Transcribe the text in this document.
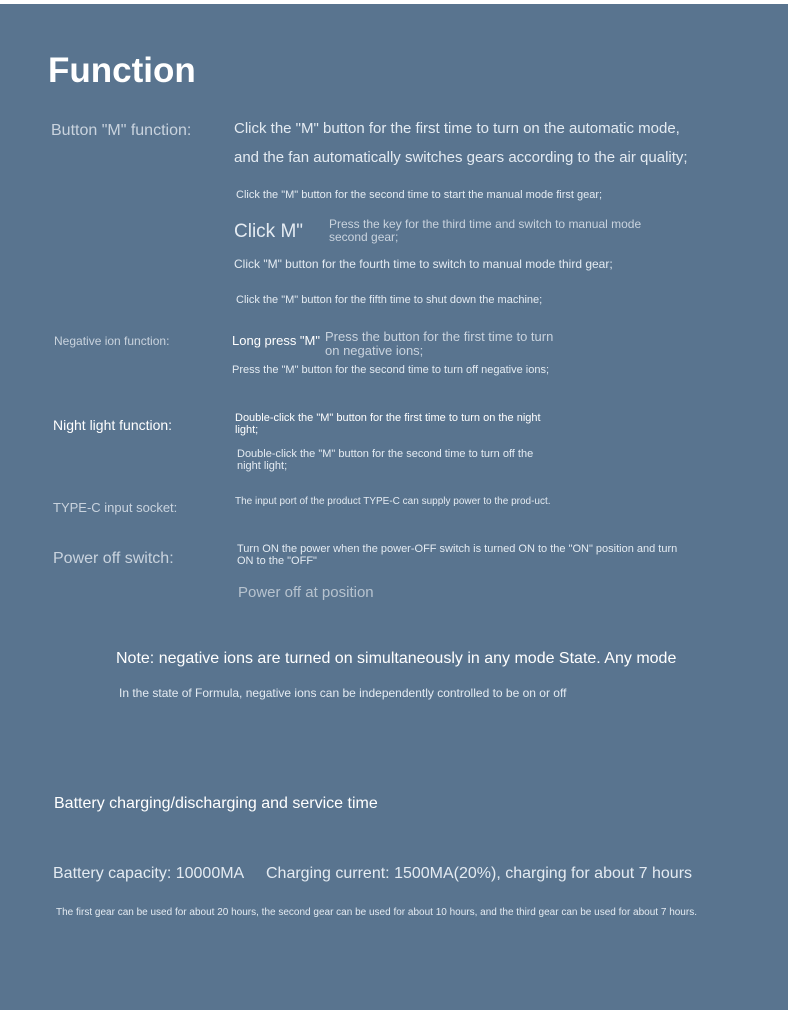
Function
Button "M" function:	Click the "M" button for the first time to turn on the automatic mode,
and the fan automatically switches gears according to the air quality;
Click the "M" button for the second time to start the manual mode first gear;
Click M" Press the key for the third time and switch to manual mode second gear;
Click "M" button for the fourth time to switch to manual mode third gear;
Click the "M" button for the fifth time to shut down the machine;
Negative ion function:	Long press "M" Press the button for the first time to turn on negative ions;
Press the "M" button for the second time to turn off negative ions;
Night light function:	Double-click the "M" button for the first time to turn on the night light;
Double-click the "M" button for the second time to turn off the night light;
TYPE-C input socket:	The input port of the product TYPE-C can supply power to the prod-uct.
Power off switch:
Turn ON the power when the power-OFF switch is turned ON to the "ON" position and turn ON to the "OFF"
Power off at position
Note: negative ions are turned on simultaneously in any mode State. Any mode
In the state of Formula, negative ions can be independently controlled to be on or off
Battery charging/discharging and service time
Battery capacity: 10000MA Charging current: 1500MA(20%), charging for about 7 hours
The first gear can be used for about 20 hours, the second gear can be used for about 10 hours, and the third gear can be used for about 7 hours.
